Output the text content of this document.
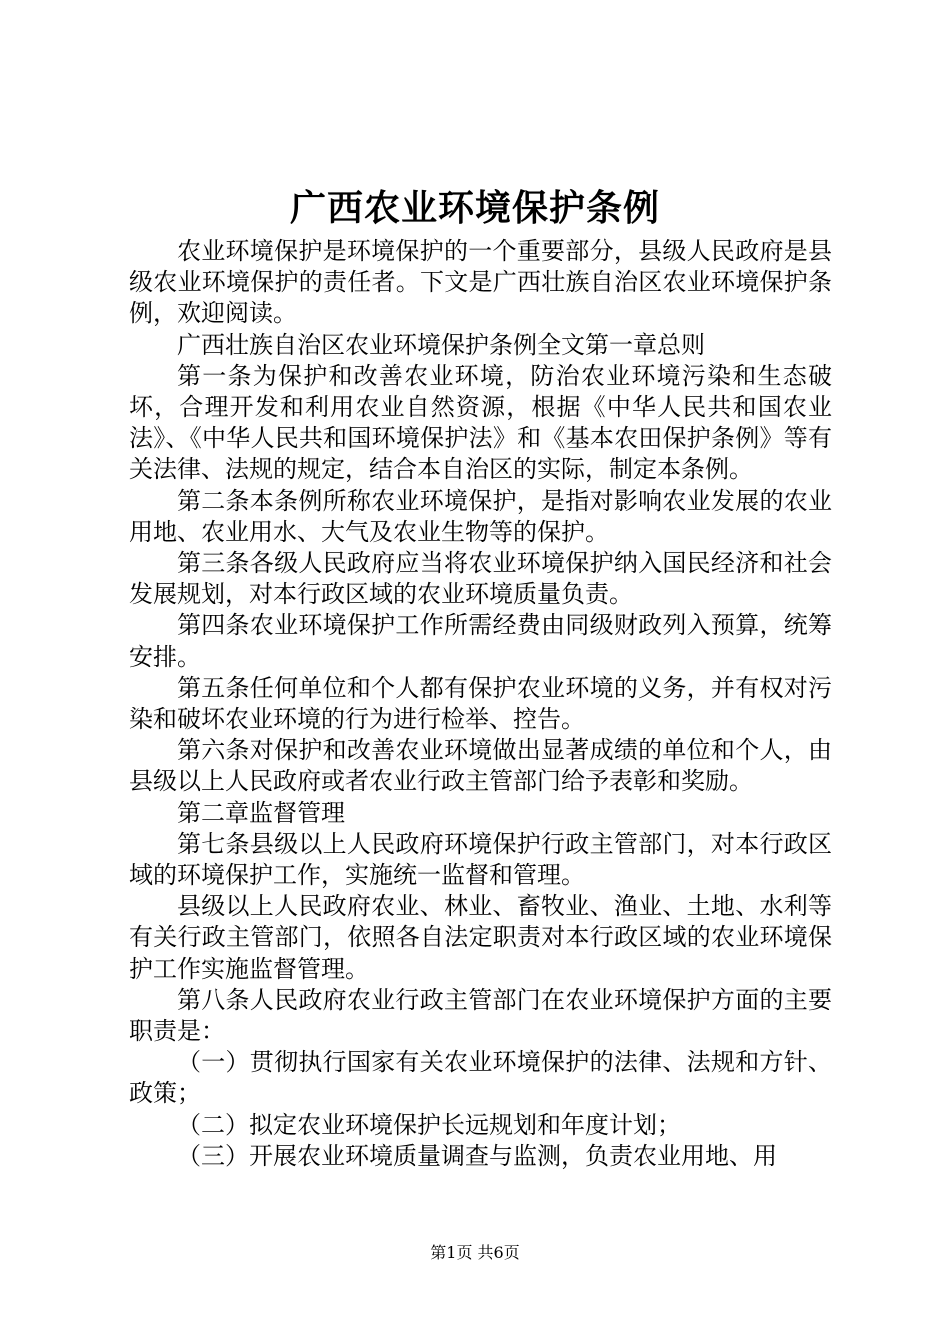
广西农业环境保护条例

农业环境保护是环境保护的一个重要部分，县级人民政府是县级农业环境保护的责任者。下文是广西壮族自治区农业环境保护条例，欢迎阅读。

广西壮族自治区农业环境保护条例全文第一章总则

第一条为保护和改善农业环境，防治农业环境污染和生态破坏，合理开发和利用农业自然资源，根据《中华人民共和国农业法》、《中华人民共和国环境保护法》和《基本农田保护条例》等有关法律、法规的规定，结合本自治区的实际，制定本条例。

第二条本条例所称农业环境保护，是指对影响农业发展的农业用地、农业用水、大气及农业生物等的保护。

第三条各级人民政府应当将农业环境保护纳入国民经济和社会发展规划，对本行政区域的农业环境质量负责。

第四条农业环境保护工作所需经费由同级财政列入预算，统筹安排。

第五条任何单位和个人都有保护农业环境的义务，并有权对污染和破坏农业环境的行为进行检举、控告。

第六条对保护和改善农业环境做出显著成绩的单位和个人，由县级以上人民政府或者农业行政主管部门给予表彰和奖励。

第二章监督管理

第七条县级以上人民政府环境保护行政主管部门，对本行政区域的环境保护工作，实施统一监督和管理。

县级以上人民政府农业、林业、畜牧业、渔业、土地、水利等有关行政主管部门，依照各自法定职责对本行政区域的农业环境保护工作实施监督管理。

第八条人民政府农业行政主管部门在农业环境保护方面的主要职责是：

（一）贯彻执行国家有关农业环境保护的法律、法规和方针、政策；

（二）拟定农业环境保护长远规划和年度计划；

（三）开展农业环境质量调查与监测，负责农业用地、用

第1页 共6页
